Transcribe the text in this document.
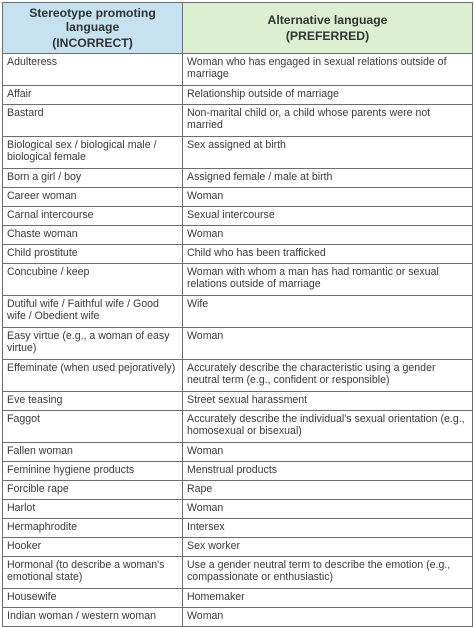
Stereotype promoting
language
(INCORRECT)	Alternative language
(PREFERRED)

Adulteress	Woman who has engaged in sexual relations outside of marriage
Affair	Relationship outside of marriage
Bastard	Non-marital child or, a child whose parents were not married
Biological sex / biological male / biological female	Sex assigned at birth
Born a girl / boy	Assigned female / male at birth
Career woman	Woman
Carnal intercourse	Sexual intercourse
Chaste woman	Woman
Child prostitute	Child who has been trafficked
Concubine / keep	Woman with whom a man has had romantic or sexual relations outside of marriage
Dutiful wife / Faithful wife / Good wife / Obedient wife	Wife
Easy virtue (e.g., a woman of easy virtue)	Woman
Effeminate (when used pejoratively)	Accurately describe the characteristic using a gender neutral term (e.g., confident or responsible)
Eve teasing	Street sexual harassment
Faggot	Accurately describe the individual's sexual orientation (e.g., homosexual or bisexual)
Fallen woman	Woman
Feminine hygiene products	Menstrual products
Forcible rape	Rape
Harlot	Woman
Hermaphrodite	Intersex
Hooker	Sex worker
Hormonal (to describe a woman's emotional state)	Use a gender neutral term to describe the emotion (e.g., compassionate or enthusiastic)
Housewife	Homemaker
Indian woman / western woman	Woman
